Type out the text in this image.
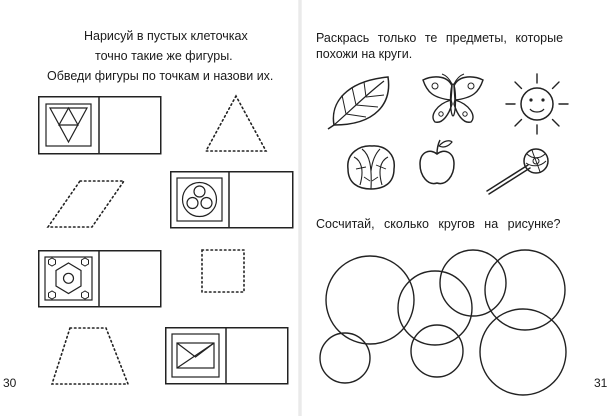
Нарисуй в пустых клеточках
точно такие же фигуры.
Обведи фигуры по точкам и назови их.
30
Раскрась только те предметы, которые
похожи на круги.
Сосчитай, сколько кругов на рисунке?
31
